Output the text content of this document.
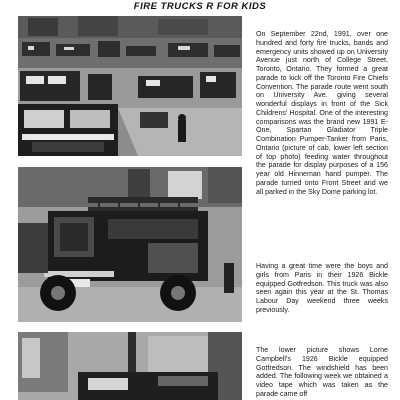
FIRE TRUCKS R FOR KIDS

On September 22nd, 1991, over one hundred and forty fire trucks, bands and emergency units showed up on University Avenue just north of College Street, Toronto, Ontario. They formed a great parade to kick off the Toronto Fire Chiefs Convention. The parade route went south on University Ave. giving several wonderful displays in front of the Sick Childrens' Hospital. One of the interesting comparisons was the brand new 1991 E-One, Spartan Gladiator Triple Combination Pumper-Tanker from Paris, Ontario (picture of cab, lower left section of top photo) feeding water throughout the parade for display purposes of a 156 year old Hinneman hand pumper. The parade turned onto Front Street and we all parked in the Sky Dome parking lot.

Having a great time were the boys and girls from Paris in their 1926 Bickle equipped Gotfredson. This truck was also seen again this year at the St. Thomas Labour Day weekend three weeks previously.

The lower picture shows Lorne Campbell's 1926 Bickle equipped Gotfredson. The windshield has been added. The following week we obtained a video tape which was taken as the parade came off
